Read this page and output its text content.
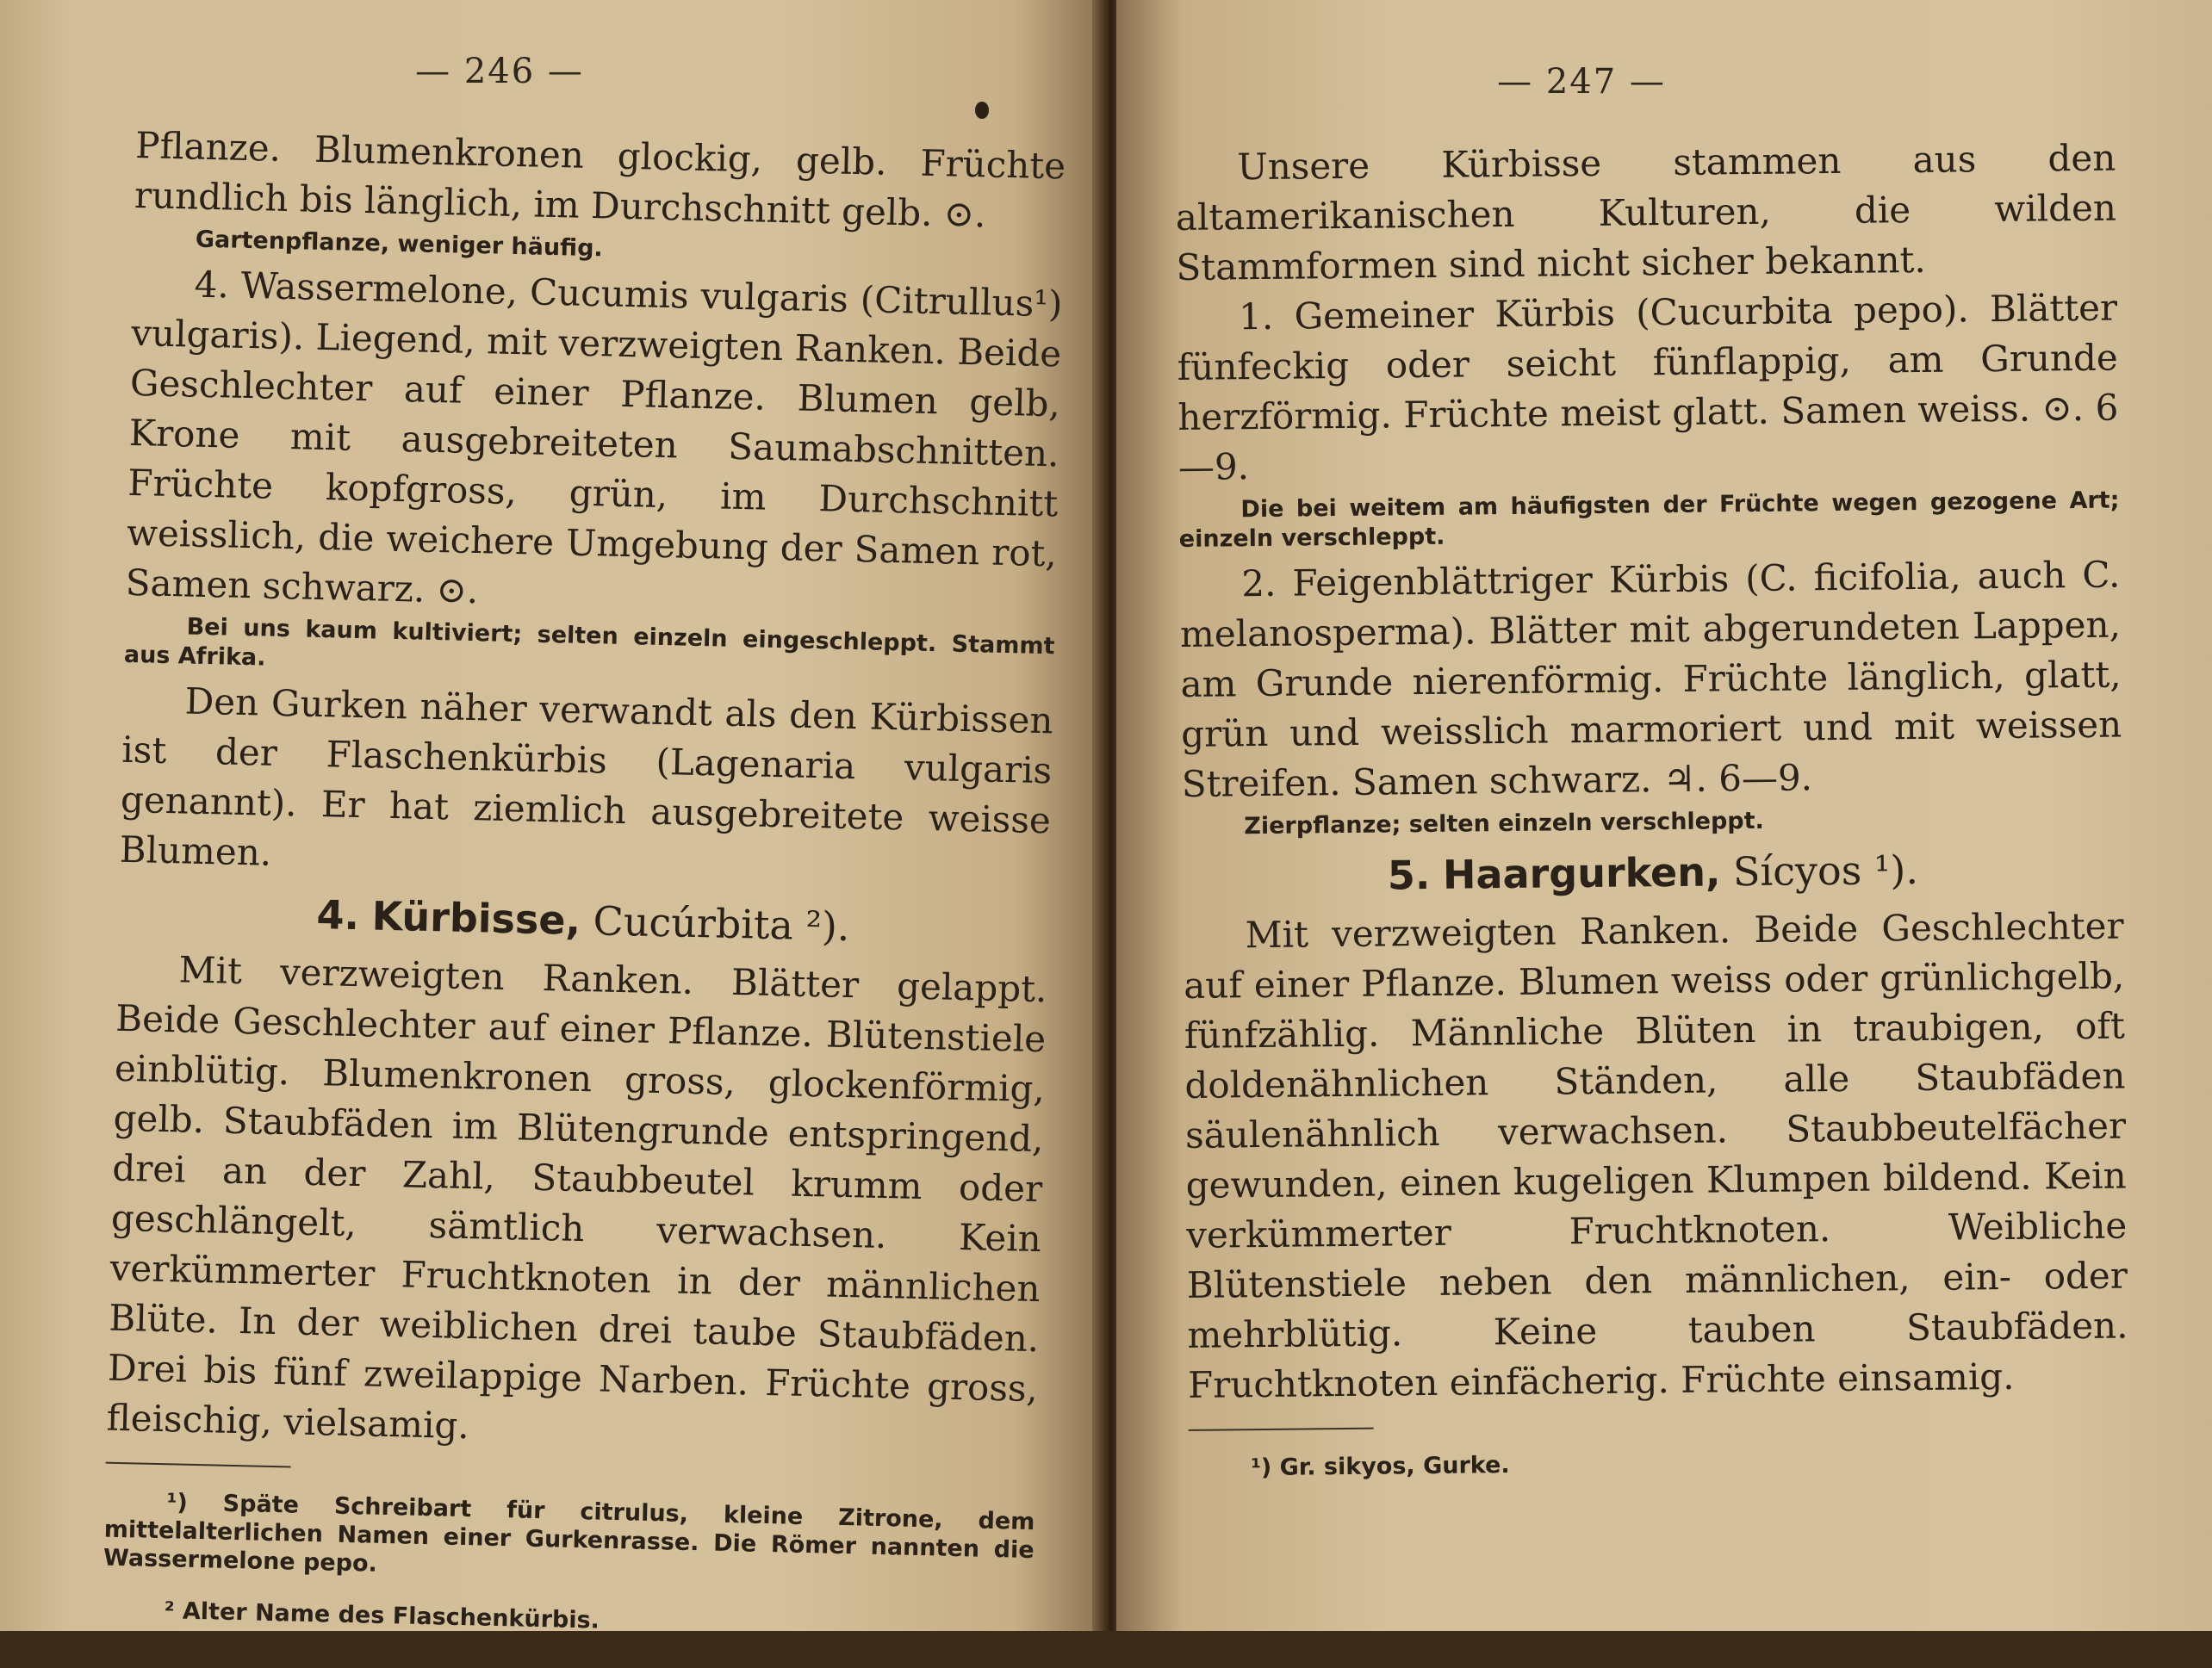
— 246 —

Pflanze. Blumenkronen glockig, gelb. Früchte rundlich bis länglich, im Durchschnitt gelb. ⊙.

Gartenpflanze, weniger häufig.

4. Wassermelone, Cucumis vulgaris (Citrullus¹) vulgaris). Liegend, mit verzweigten Ranken. Beide Geschlechter auf einer Pflanze. Blumen gelb, Krone mit ausgebreiteten Saumabschnitten. Früchte kopfgross, grün, im Durchschnitt weisslich, die weichere Umgebung der Samen rot, Samen schwarz. ⊙.

Bei uns kaum kultiviert; selten einzeln eingeschleppt. Stammt aus Afrika.

Den Gurken näher verwandt als den Kürbissen ist der Flaschenkürbis (Lagenaria vulgaris genannt). Er hat ziemlich ausgebreitete weisse Blumen.

4. Kürbisse, Cucúrbita ²).

Mit verzweigten Ranken. Blätter gelappt. Beide Geschlechter auf einer Pflanze. Blütenstiele einblütig. Blumenkronen gross, glockenförmig, gelb. Staubfäden im Blütengrunde entspringend, drei an der Zahl, Staubbeutel krumm oder geschlängelt, sämtlich verwachsen. Kein verkümmerter Fruchtknoten in der männlichen Blüte. In der weiblichen drei taube Staubfäden. Drei bis fünf zweilappige Narben. Früchte gross, fleischig, vielsamig.

¹) Späte Schreibart für citrulus, kleine Zitrone, dem mittelalterlichen Namen einer Gurkenrasse. Die Römer nannten die Wassermelone pepo.

² Alter Name des Flaschenkürbis.

— 247 —

Unsere Kürbisse stammen aus den altamerikanischen Kulturen, die wilden Stammformen sind nicht sicher bekannt.

1. Gemeiner Kürbis (Cucurbita pepo). Blätter fünfeckig oder seicht fünflappig, am Grunde herzförmig. Früchte meist glatt. Samen weiss. ⊙. 6—9.

Die bei weitem am häufigsten der Früchte wegen gezogene Art; einzeln verschleppt.

2. Feigenblättriger Kürbis (C. ficifolia, auch C. melanosperma). Blätter mit abgerundeten Lappen, am Grunde nierenförmig. Früchte länglich, glatt, grün und weisslich marmoriert und mit weissen Streifen. Samen schwarz. ♃. 6—9.

Zierpflanze; selten einzeln verschleppt.

5. Haargurken, Sícyos ¹).

Mit verzweigten Ranken. Beide Geschlechter auf einer Pflanze. Blumen weiss oder grünlichgelb, fünfzählig. Männliche Blüten in traubigen, oft doldenähnlichen Ständen, alle Staubfäden säulenähnlich verwachsen. Staubbeutelfächer gewunden, einen kugeligen Klumpen bildend. Kein verkümmerter Fruchtknoten. Weibliche Blütenstiele neben den männlichen, ein- oder mehrblütig. Keine tauben Staubfäden. Fruchtknoten einfächerig. Früchte einsamig.

¹) Gr. sikyos, Gurke.
